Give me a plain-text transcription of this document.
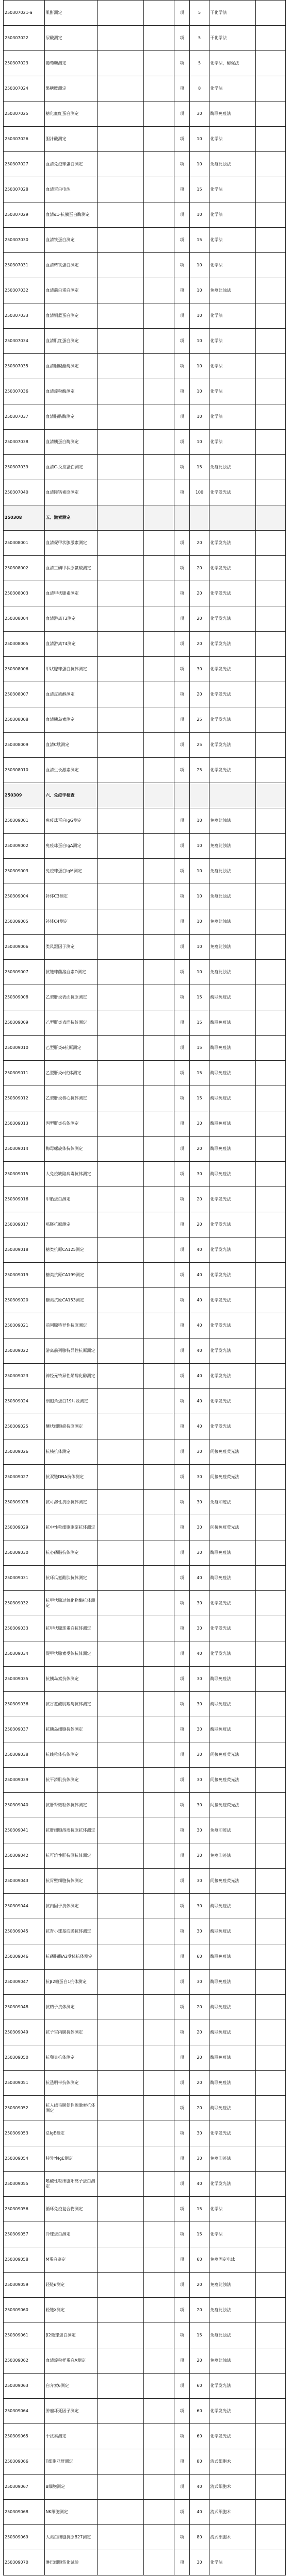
250307021-a	肌酐测定			项	5	干化学法	
250307022	尿酸测定			项	5	干化学法	
250307023	葡萄糖测定			项	5	化学法，酶促法	
250307024	果糖胺测定			项	8	化学法	
250307025	糖化血红蛋白测定			项	30	酶联免疫法	
250307026	胆汁酸测定			项	10	化学法	
250307027	血清免疫球蛋白测定			项	10	免疫比浊法	
250307028	血清蛋白电泳			项	15	化学法	
250307029	血清α1-抗胰蛋白酶测定			项	10	化学法	
250307030	血清铁蛋白测定			项	15	化学法	
250307031	血清转铁蛋白测定			项	10	化学法	
250307032	血清前白蛋白测定			项	10	免疫比浊法	
250307033	血清铜蓝蛋白测定			项	10	化学法	
250307034	血清肌红蛋白测定			项	10	化学法	
250307035	血清胆碱酯酶测定			项	10	化学法	
250307036	血清淀粉酶测定			项	10	化学法	
250307037	血清脂肪酶测定			项	10	化学法	
250307038	血清胰蛋白酶测定			项	10	化学法	
250307039	血清C-反应蛋白测定			项	15	免疫比浊法	
250307040	血清降钙素原测定			项	100	化学发光法	
250308	五、激素测定						
250308001	血清促甲状腺激素测定			项	20	化学发光法	
250308002	血清三碘甲状原氨酸测定			项	20	化学发光法	
250308003	血清甲状腺素测定			项	20	化学发光法	
250308004	血清游离T3测定			项	20	化学发光法	
250308005	血清游离T4测定			项	20	化学发光法	
250308006	甲状腺球蛋白抗体测定			项	30	化学发光法	
250308007	血清皮质醇测定			项	20	化学发光法	
250308008	血清胰岛素测定			项	25	化学发光法	
250308009	血清C肽测定			项	25	化学发光法	
250308010	血清生长激素测定			项	25	化学发光法	
250309	六、免疫学检查						
250309001	免疫球蛋白IgG测定			项	10	免疫比浊法	
250309002	免疫球蛋白IgA测定			项	10	免疫比浊法	
250309003	免疫球蛋白IgM测定			项	10	免疫比浊法	
250309004	补体C3测定			项	10	免疫比浊法	
250309005	补体C4测定			项	10	免疫比浊法	
250309006	类风湿因子测定			项	10	免疫比浊法	
250309007	抗链球菌溶血素O测定			项	10	免疫比浊法	
250309008	乙型肝炎表面抗原测定			项	15	酶联免疫法	
250309009	乙型肝炎表面抗体测定			项	15	酶联免疫法	
250309010	乙型肝炎e抗原测定			项	15	酶联免疫法	
250309011	乙型肝炎e抗体测定			项	15	酶联免疫法	
250309012	乙型肝炎核心抗体测定			项	15	酶联免疫法	
250309013	丙型肝炎抗体测定			项	30	酶联免疫法	
250309014	梅毒螺旋体抗体测定			项	20	酶联免疫法	
250309015	人免疫缺陷病毒抗体测定			项	30	酶联免疫法	
250309016	甲胎蛋白测定			项	20	化学发光法	
250309017	癌胚抗原测定			项	20	化学发光法	
250309018	糖类抗原CA125测定			项	40	化学发光法	
250309019	糖类抗原CA199测定			项	40	化学发光法	
250309020	糖类抗原CA153测定			项	40	化学发光法	
250309021	前列腺特异性抗原测定			项	40	化学发光法	
250309022	游离前列腺特异性抗原测定			项	40	化学发光法	
250309023	神经元特异性烯醇化酶测定			项	40	化学发光法	
250309024	细胞角蛋白19片段测定			项	40	化学发光法	
250309025	鳞状细胞癌抗原测定			项	40	化学发光法	
250309026	抗核抗体测定			项	30	间接免疫荧光法	
250309027	抗双链DNA抗体测定			项	30	间接免疫荧光法	
250309028	抗可溶性抗原抗体测定			项	30	免疫印迹法	
250309029	抗中性粒细胞胞浆抗体测定			项	30	间接免疫荧光法	
250309030	抗心磷脂抗体测定			项	30	酶联免疫法	
250309031	抗环瓜氨酸肽抗体测定			项	40	酶联免疫法	
250309032	抗甲状腺过氧化物酶抗体测定			项	30	化学发光法	
250309033	抗甲状腺球蛋白抗体测定			项	30	化学发光法	
250309034	促甲状腺素受体抗体测定			项	40	化学发光法	
250309035	抗胰岛素抗体测定			项	30	酶联免疫法	
250309036	抗谷氨酸脱羧酶抗体测定			项	30	酶联免疫法	
250309037	抗胰岛细胞抗体测定			项	30	酶联免疫法	
250309038	抗线粒体抗体测定			项	30	间接免疫荧光法	
250309039	抗平滑肌抗体测定			项	30	间接免疫荧光法	
250309040	抗肝肾微粒体抗体测定			项	30	间接免疫荧光法	
250309041	抗肝细胞溶质抗原抗体测定			项	30	免疫印迹法	
250309042	抗可溶性肝抗原抗体测定			项	30	免疫印迹法	
250309043	抗胃壁细胞抗体测定			项	30	间接免疫荧光法	
250309044	抗内因子抗体测定			项	30	酶联免疫法	
250309045	抗肾小球基底膜抗体测定			项	30	酶联免疫法	
250309046	抗磷脂酶A2受体抗体测定			项	60	酶联免疫法	
250309047	抗β2糖蛋白1抗体测定			项	30	酶联免疫法	
250309048	抗精子抗体测定			项	20	酶联免疫法	
250309049	抗子宫内膜抗体测定			项	20	酶联免疫法	
250309050	抗卵巢抗体测定			项	20	酶联免疫法	
250309051	抗透明带抗体测定			项	20	酶联免疫法	
250309052	抗人绒毛膜促性腺激素抗体测定			项	20	酶联免疫法	
250309053	总IgE测定			项	30	化学发光法	
250309054	特异性IgE测定			项	30	免疫印迹法	
250309055	嗜酸性粒细胞阳离子蛋白测定			项	40	化学发光法	
250309056	循环免疫复合物测定			项	15	化学法	
250309057	冷球蛋白测定			项	15	化学法	
250309058	M蛋白鉴定			项	60	免疫固定电泳	
250309059	轻链κ测定			项	20	免疫比浊法	
250309060	轻链λ测定			项	20	免疫比浊法	
250309061	β2微球蛋白测定			项	15	免疫比浊法	
250309062	血清淀粉样蛋白A测定			项	20	免疫比浊法	
250309063	白介素6测定			项	60	化学发光法	
250309064	肿瘤坏死因子测定			项	60	化学发光法	
250309065	干扰素测定			项	60	化学发光法	
250309066	T细胞亚群测定			项	80	流式细胞术	
250309067	B细胞测定			项	40	流式细胞术	
250309068	NK细胞测定			项	40	流式细胞术	
250309069	人类白细胞抗原B27测定			项	80	流式细胞术	
250309070	淋巴细胞转化试验			项	30	化学法	
